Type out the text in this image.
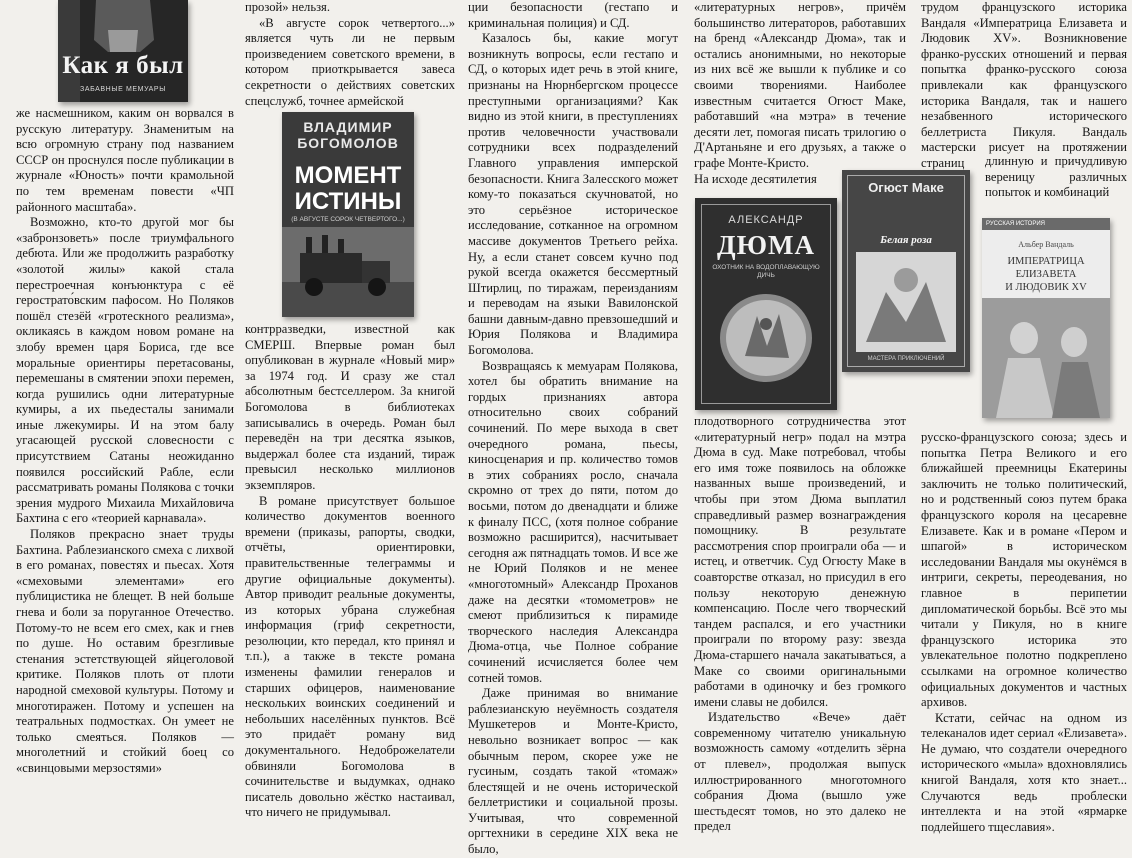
Как я был
ЗАБАВНЫЕ МЕМУАРЫ

же насмешником, каким он ворвался в русскую литературу. Знаменитым на всю огромную страну под названием СССР он проснулся после публикации в журнале «Юность» почти крамольной по тем временам повести «ЧП районного масштаба».

Возможно, кто-то другой мог бы «забронзоветь» после триумфального дебюта. Или же продолжить разработку «золотой жилы» какой стала перестроечная конъюнктура с её герострато́вским пафосом. Но Поляков пошёл стезёй «гротескного реализма», окликаясь в каждом новом романе на злобу времен царя Бориса, где все моральные ориентиры перетасованы, перемешаны в смятении эпохи перемен, когда рушились одни литературные кумиры, а их пьедесталы занимали иные лжекумиры. И на этом балу угасающей русской словесности с присутствием Сатаны неожиданно появился российский Рабле, если рассматривать романы Полякова с точки зрения мудрого Михаила Михайловича Бахтина с его «теорией карнавала».

Поляков прекрасно знает труды Бахтина. Раблезианского смеха с лихвой в его романах, повестях и пьесах. Хотя «смеховыми элементами» его публицистика не блещет. В ней больше гнева и боли за поруганное Отечество. Потому-то не всем его смех, как и гнев по душе. Но оставим брезгливые стенания эстетствующей яйцеголовой критике. Поляков плоть от плоти народной смеховой культуры. Потому и многотиражен. Потому и успешен на театральных подмостках. Он умеет не только смеяться. Поляков — многолетний и стойкий боец со «свинцовыми мерзостями»

прозой» нельзя.

«В августе сорок четвертого...» является чуть ли не первым произведением советского времени, в котором приоткрывается завеса секретности о действиях советских спецслужб, точнее армейской

ВЛАДИМИР
БОГОМОЛОВ
МОМЕНТ
ИСТИНЫ
(В АВГУСТЕ СОРОК ЧЕТВЕРТОГО...)

контрразведки, известной как СМЕРШ. Впервые роман был опубликован в журнале «Новый мир» за 1974 год. И сразу же стал абсолютным бестселлером. За книгой Богомолова в библиотеках записывались в очередь. Роман был переведён на три десятка языков, выдержал более ста изданий, тираж превысил несколько миллионов экземпляров.

В романе присутствует большое количество документов военного времени (приказы, рапорты, сводки, отчёты, ориентировки, правительственные телеграммы и другие официальные документы). Автор приводит реальные документы, из которых убрана служебная информация (гриф секретности, резолюции, кто передал, кто принял и т.п.), а также в тексте романа изменены фамилии генералов и старших офицеров, наименование нескольких воинских соединений и небольших населённых пунктов. Всё это придаёт роману вид документального. Недоброжелатели обвиняли Богомолова в сочинительстве и выдумках, однако писатель довольно жёстко настаивал, что ничего не придумывал.

ции безопасности (гестапо и криминальная полиция) и СД.

Казалось бы, какие могут возникнуть вопросы, если гестапо и СД, о которых идет речь в этой книге, признаны на Нюрнбергском процессе преступными организациями? Как видно из этой книги, в преступлениях против человечности участвовали сотрудники всех подразделений Главного управления имперской безопасности. Книга Залесского может кому-то показаться скучноватой, но это серьёзное историческое исследование, сотканное на огромном массиве документов Третьего рейха. Ну, а если станет совсем кучно под рукой всегда окажется бессмертный Штирлиц, по тиражам, переизданиям и переводам на языки Вавилонской башни давным-давно превзошедший и Юрия Полякова и Владимира Богомолова.

Возвращаясь к мемуарам Полякова, хотел бы обратить внимание на гордых признаниях автора относительно своих собраний сочинений. По мере выхода в свет очередного романа, пьесы, киносценария и пр. количество томов в этих собраниях росло, сначала скромно от трех до пяти, потом до восьми, потом до двенадцати и ближе к финалу ПСС, (хотя полное собрание возможно расширится), насчитывает сегодня аж пятнадцать томов. И все же не Юрий Поляков и не менее «многотомный» Александр Проханов даже на десятки «томометров» не смеют приблизиться к пирамиде творческого наследия Александра Дюма-отца, чье Полное собрание сочинений исчисляется более чем сотней томов.

Даже принимая во внимание раблезианскую неуёмность создателя Мушкетеров и Монте-Кристо, невольно возникает вопрос — как обычным пером, скорее уже не гусиным, создать такой «томаж» блестящей и не очень исторической беллетристики и социальной прозы. Учитывая, что современной оргтехники в середине XIX века не было,

«литературных негров», причём большинство литераторов, работавших на бренд «Александр Дюма», так и остались анонимными, но некоторые из них всё же вышли к публике и со своими творениями. Наиболее известным считается Огюст Маке, работавший «на мэтра» в течение десяти лет, помогая писать трилогию о Д'Артаньяне и его друзьях, а также о графе Монте-Кристо.

На исходе десятилетия

АЛЕКСАНДР
ДЮМА
ОХОТНИК НА ВОДОПЛАВАЮЩУЮ ДИЧЬ
Огюст Маке
Белая роза
МАСТЕРА ПРИКЛЮЧЕНИЙ

плодотворного сотрудничества этот «литературный негр» подал на мэтра Дюма в суд. Маке потребовал, чтобы его имя тоже появилось на обложке названных выше произведений, и чтобы при этом Дюма выплатил справедливый размер вознаграждения помощнику. В результате рассмотрения спор проиграли оба — и истец, и ответчик. Суд Огюсту Маке в соавторстве отказал, но присудил в его пользу некоторую денежную компенсацию. После чего творческий тандем распался, и его участники проиграли по второму разу: звезда Дюма-старшего начала закатываться, а Маке со своими оригинальными работами в одиночку и без громкого имени славы не добился.

Издательство «Вече» даёт современному читателю уникальную возможность самому «отделить зёрна от плевел», продолжая выпуск иллюстрированного многотомного собрания Дюма (вышло уже шестьдесят томов, но это далеко не предел

трудом французского историка Вандаля «Императрица Елизавета и Людовик XV». Возникновение франко-русских отношений и первая попытка франко-русского союза привлекали как французского историка Вандаля, так и нашего незабвенного исторического беллетриста Пикуля. Вандаль мастерски рисует на протяжении страниц	длинную и причудливую вереницу различных попыток и комбинаций

РУССКАЯ ИСТОРИЯ
Альбер Вандаль
ИМПЕРАТРИЦА
ЕЛИЗАВЕТА
И ЛЮДОВИК XV

русско-французского союза; здесь и попытка Петра Великого и его ближайшей преемницы Екатерины заключить не только политический, но и родственный союз путем брака французского короля на цесаревне Елизавете. Как и в романе «Пером и шпагой» в историческом исследовании Вандаля мы окунёмся в интриги, секреты, переодевания, но главное в перипетии дипломатической борьбы. Всё это мы читали у Пикуля, но в книге французского историка это увлекательное полотно подкреплено ссылками на огромное количество официальных документов и частных архивов.

Кстати, сейчас на одном из телеканалов идет сериал «Елизавета». Не думаю, что создатели очередного исторического «мыла» вдохновлялись книгой Вандаля, хотя кто знает... Случаются ведь проблески интеллекта и на этой «ярмарке подлейшего тщеславия».
